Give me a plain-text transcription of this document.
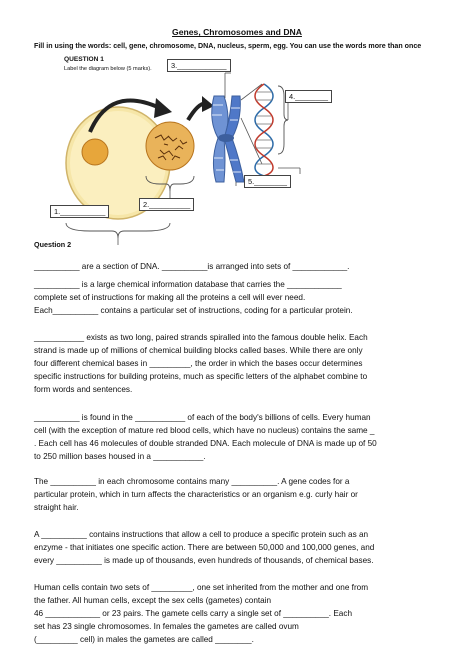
Genes, Chromosomes and DNA
Fill in using the words: cell, gene, chromosome, DNA, nucleus, sperm, egg. You can use the words more than once
QUESTION 1
Label the diagram below (5 marks).	3.____________
4.________
5.________
2.__________
1.___________
Question 2
__________ are a section of DNA. __________is arranged into sets of ____________.
__________ is a large chemical information database that carries the ____________
complete set of instructions for making all the proteins a cell will ever need.
Each__________ contains a particular set of instructions, coding for a particular protein.
___________ exists as two long, paired strands spiralled into the famous double helix. Each
strand is made up of millions of chemical building blocks called bases. While there are only
four different chemical bases in _________, the order in which the bases occur determines
specific instructions for building proteins, much as specific letters of the alphabet combine to
form words and sentences.
__________ is found in the ___________ of each of the body's billions of cells. Every human
cell (with the exception of mature red blood cells, which have no nucleus) contains the same _
. Each cell has 46 molecules of double stranded DNA. Each molecule of DNA is made up of 50
to 250 million bases housed in a ___________.
The __________ in each chromosome contains many __________. A gene codes for a
particular protein, which in turn affects the characteristics or an organism e.g. curly hair or
straight hair.
A __________ contains instructions that allow a cell to produce a specific protein such as an
enzyme - that initiates one specific action. There are between 50,000 and 100,000 genes, and
every __________ is made up of thousands, even hundreds of thousands, of chemical bases.
Human cells contain two sets of _________, one set inherited from the mother and one from
the father. All human cells, except the sex cells (gametes) contain
46 ____________ or 23 pairs. The gamete cells carry a single set of __________. Each
set has 23 single chromosomes. In females the gametes are called ovum
(_________ cell) in males the gametes are called ________.
